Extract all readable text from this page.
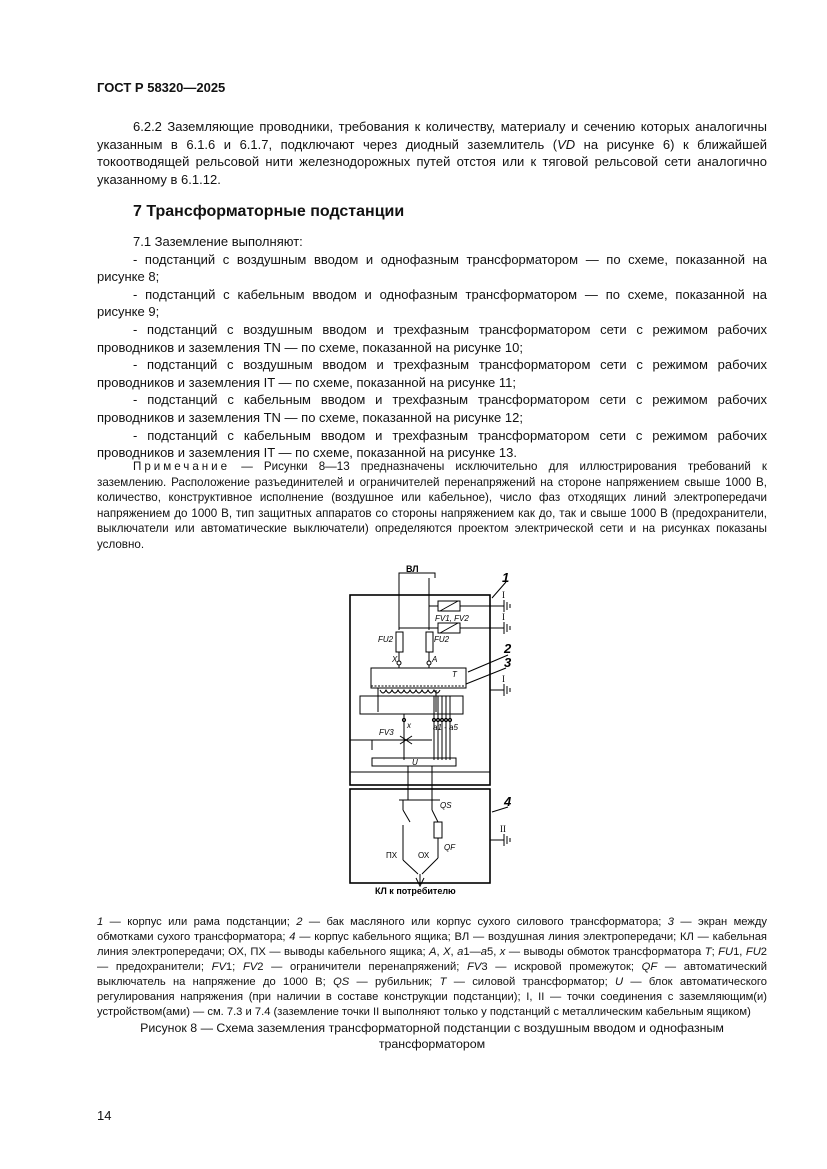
ГОСТ Р 58320—2025
6.2.2 Заземляющие проводники, требования к количеству, материалу и сечению которых аналогичны указанным в 6.1.6 и 6.1.7, подключают через диодный заземлитель (VD на рисунке 6) к ближайшей токоотводящей рельсовой нити железнодорожных путей отстоя или к тяговой рельсовой сети аналогично указанному в 6.1.12.
7 Трансформаторные подстанции
7.1 Заземление выполняют:
- подстанций с воздушным вводом и однофазным трансформатором — по схеме, показанной на рисунке 8;
- подстанций с кабельным вводом и однофазным трансформатором — по схеме, показанной на рисунке 9;
- подстанций с воздушным вводом и трехфазным трансформатором сети с режимом рабочих проводников и заземления TN — по схеме, показанной на рисунке 10;
- подстанций с воздушным вводом и трехфазным трансформатором сети с режимом рабочих проводников и заземления IT — по схеме, показанной на рисунке 11;
- подстанций с кабельным вводом и трехфазным трансформатором сети с режимом рабочих проводников и заземления TN — по схеме, показанной на рисунке 12;
- подстанций с кабельным вводом и трехфазным трансформатором сети с режимом рабочих проводников и заземления IT — по схеме, показанной на рисунке 13.
Примечание — Рисунки 8—13 предназначены исключительно для иллюстрирования требований к заземлению. Расположение разъединителей и ограничителей перенапряжений на стороне напряжением свыше 1000 В, количество, конструктивное исполнение (воздушное или кабельное), число фаз отходящих линий электропередачи напряжением до 1000 В, тип защитных аппаратов со стороны напряжением как до, так и свыше 1000 В (предохранители, выключатели или автоматические выключатели) определяются проектом электрической сети и на рисунках показаны условно.
ВЛ
1
2
3
4
I
I
I
II
FV1, FV2
FU2	FU2
X	A
T
x	a1 - a5
FV3
U
QS
QF
ПХ	ОХ
КЛ к потребителю
1 — корпус или рама подстанции; 2 — бак масляного или корпус сухого силового трансформатора; 3 — экран между обмотками сухого трансформатора; 4 — корпус кабельного ящика; ВЛ — воздушная линия электропередачи; КЛ — кабельная линия электропередачи; ОХ, ПХ — выводы кабельного ящика; A, X, a1—a5, x — выводы обмоток трансформатора T; FU1, FU2 — предохранители; FV1; FV2 — ограничители перенапряжений; FV3 — искровой промежуток; QF — автоматический выключатель на напряжение до 1000 В; QS — рубильник; T — силовой трансформатор; U — блок автоматического регулирования напряжения (при наличии в составе конструкции подстанции); I, II — точки соединения с заземляющим(и) устройством(ами) — см. 7.3 и 7.4 (заземление точки II выполняют только у подстанций с металлическим кабельным ящиком)
Рисунок 8 — Схема заземления трансформаторной подстанции с воздушным вводом и однофазным
трансформатором
14
